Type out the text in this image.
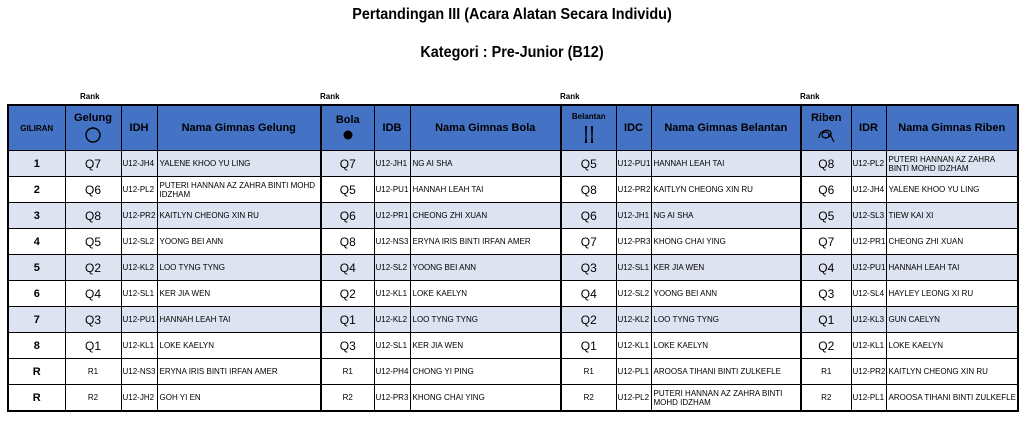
Pertandingan III (Acara Alatan Secara Individu)
Kategori : Pre-Junior (B12)
Rank	Rank	Rank	Rank
GILIRAN	Gelung	IDH	Nama Gimnas Gelung	Bola	IDB	Nama Gimnas Bola	Belantan	IDC	Nama Gimnas Belantan	Riben	IDR	Nama Gimnas Riben
1	Q7	U12-JH4	YALENE KHOO YU LING	Q7	U12-JH1	NG AI SHA	Q5	U12-PU1	HANNAH LEAH TAI	Q8	U12-PL2	PUTERI HANNAN AZ ZAHRA BINTI MOHD IDZHAM
2	Q6	U12-PL2	PUTERI HANNAN AZ ZAHRA BINTI MOHD IDZHAM	Q5	U12-PU1	HANNAH LEAH TAI	Q8	U12-PR2	KAITLYN CHEONG XIN RU	Q6	U12-JH4	YALENE KHOO YU LING
3	Q8	U12-PR2	KAITLYN CHEONG XIN RU	Q6	U12-PR1	CHEONG ZHI XUAN	Q6	U12-JH1	NG AI SHA	Q5	U12-SL3	TIEW KAI XI
4	Q5	U12-SL2	YOONG BEI ANN	Q8	U12-NS3	ERYNA IRIS BINTI IRFAN AMER	Q7	U12-PR3	KHONG CHAI YING	Q7	U12-PR1	CHEONG ZHI XUAN
5	Q2	U12-KL2	LOO TYNG TYNG	Q4	U12-SL2	YOONG BEI ANN	Q3	U12-SL1	KER JIA WEN	Q4	U12-PU1	HANNAH LEAH TAI
6	Q4	U12-SL1	KER JIA WEN	Q2	U12-KL1	LOKE KAELYN	Q4	U12-SL2	YOONG BEI ANN	Q3	U12-SL4	HAYLEY LEONG XI RU
7	Q3	U12-PU1	HANNAH LEAH TAI	Q1	U12-KL2	LOO TYNG TYNG	Q2	U12-KL2	LOO TYNG TYNG	Q1	U12-KL3	GUN CAELYN
8	Q1	U12-KL1	LOKE KAELYN	Q3	U12-SL1	KER JIA WEN	Q1	U12-KL1	LOKE KAELYN	Q2	U12-KL1	LOKE KAELYN
R	R1	U12-NS3	ERYNA IRIS BINTI IRFAN AMER	R1	U12-PH4	CHONG YI PING	R1	U12-PL1	AROOSA TIHANI BINTI ZULKEFLE	R1	U12-PR2	KAITLYN CHEONG XIN RU
R	R2	U12-JH2	GOH YI EN	R2	U12-PR3	KHONG CHAI YING	R2	U12-PL2	PUTERI HANNAN AZ ZAHRA BINTI MOHD IDZHAM	R2	U12-PL1	AROOSA TIHANI BINTI ZULKEFLE
